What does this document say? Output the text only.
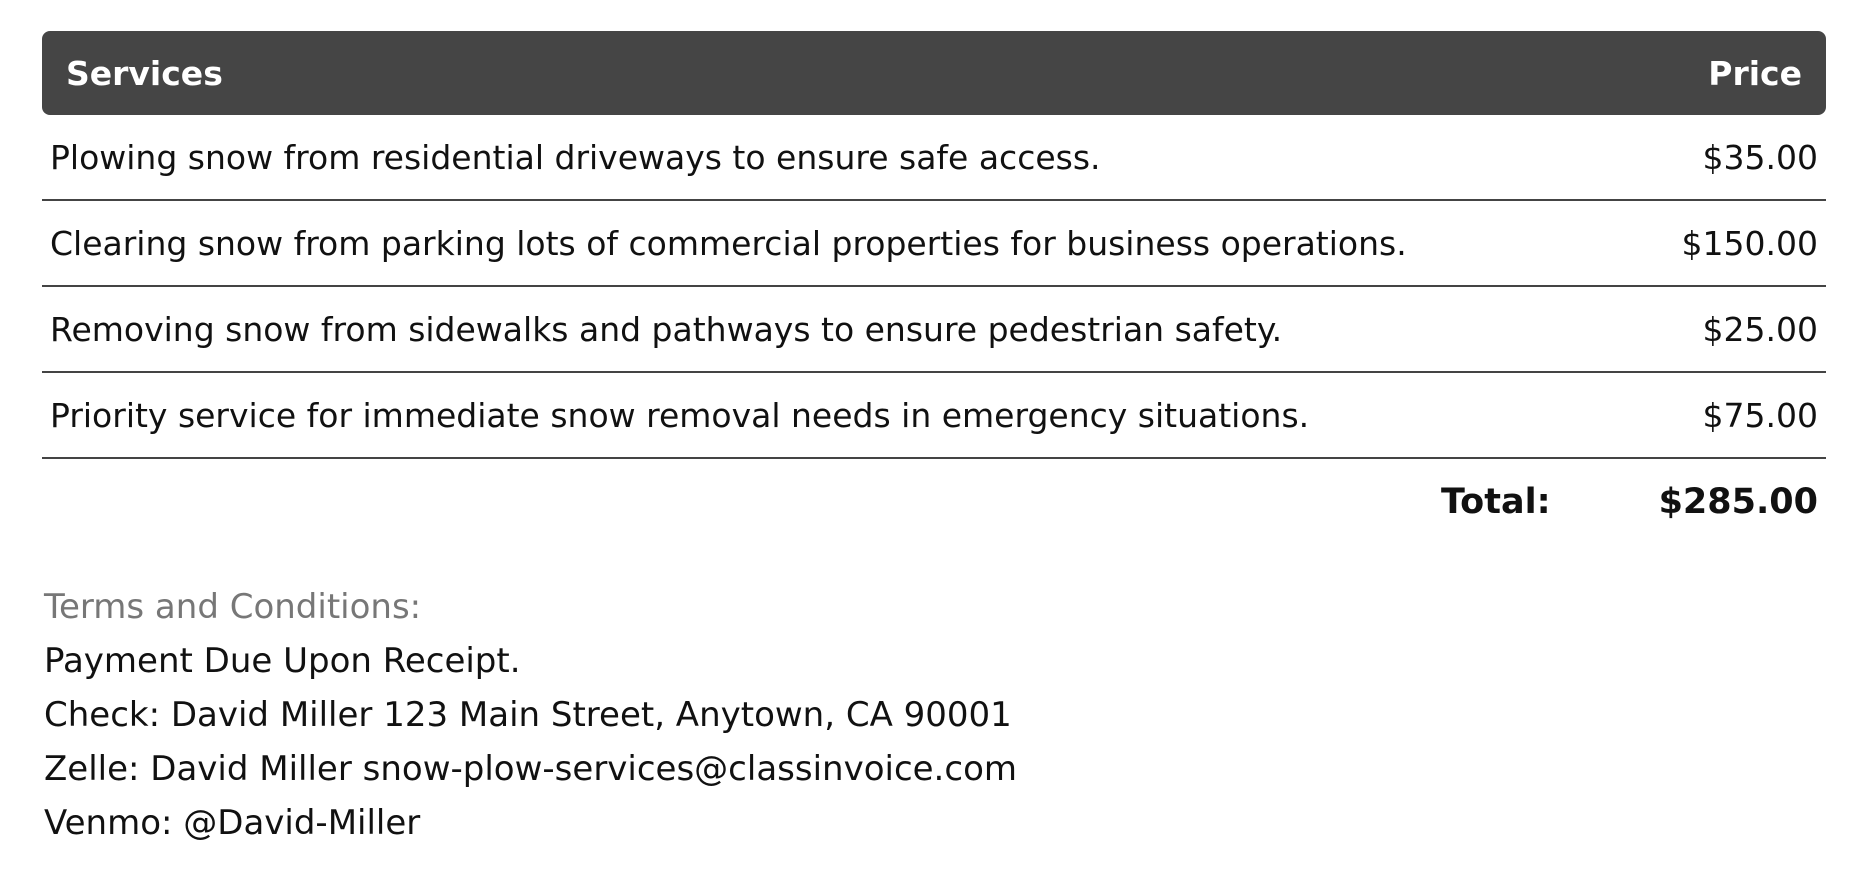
Services	Price
Plowing snow from residential driveways to ensure safe access.	$35.00
Clearing snow from parking lots of commercial properties for business operations.	$150.00
Removing snow from sidewalks and pathways to ensure pedestrian safety.	$25.00
Priority service for immediate snow removal needs in emergency situations.	$75.00
Total:	$285.00
Terms and Conditions:
Payment Due Upon Receipt.
Check: David Miller 123 Main Street, Anytown, CA 90001
Zelle: David Miller snow-plow-services@classinvoice.com
Venmo: @David-Miller
